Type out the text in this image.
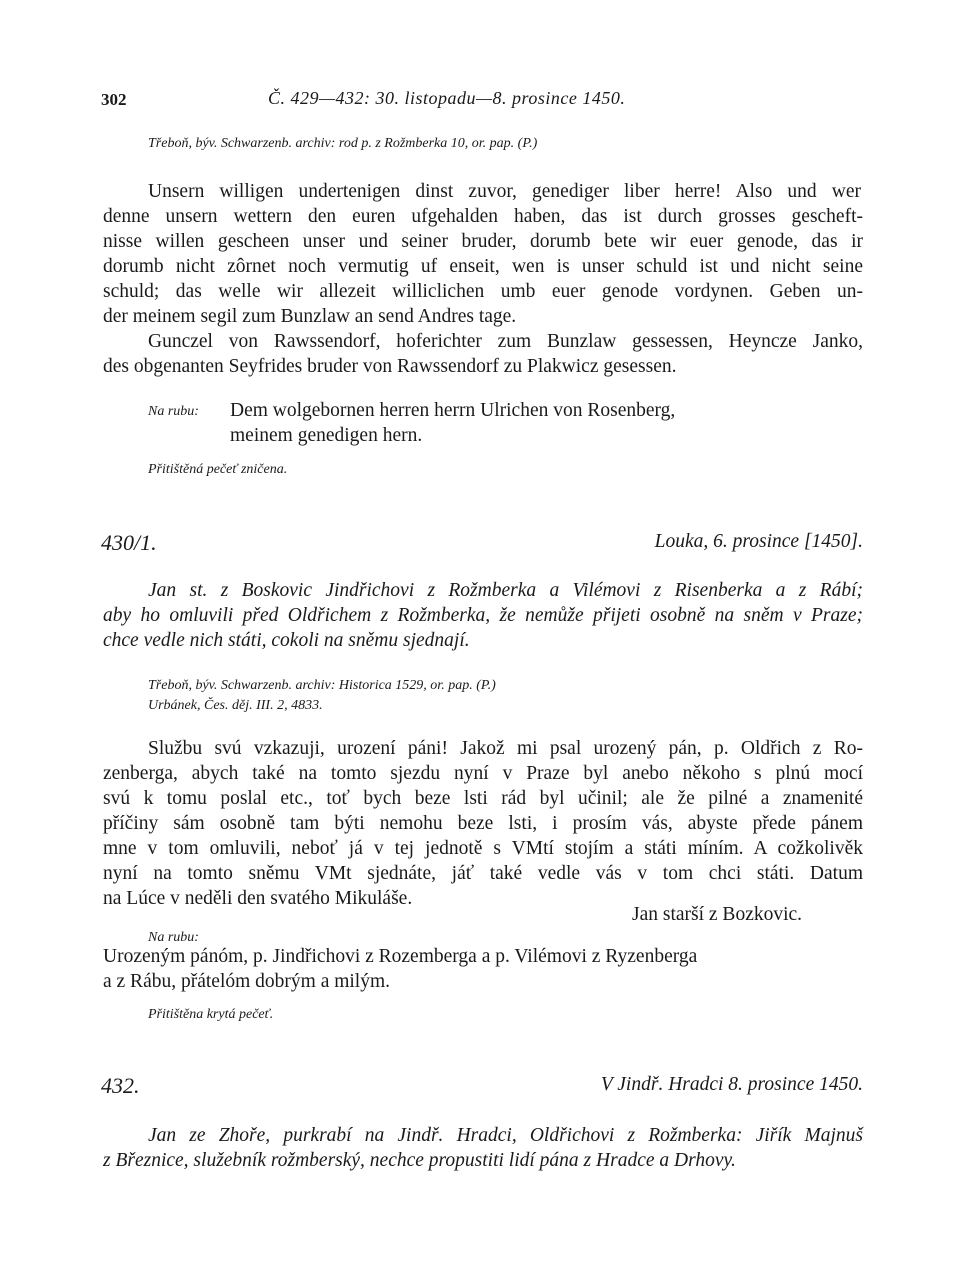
302	Č. 429—432: 30. listopadu—8. prosince 1450.
Třeboň, býv. Schwarzenb. archiv: rod p. z Rožmberka 10, or. pap. (P.)
Unsern willigen undertenigen dinst zuvor, genediger liber herre! Also und wer
denne unsern wettern den euren ufgehalden haben, das ist durch grosses gescheft-
nisse willen gescheen unser und seiner bruder, dorumb bete wir euer genode, das ir
dorumb nicht zôrnet noch vermutig uf enseit, wen is unser schuld ist und nicht seine
schuld; das welle wir allezeit williclichen umb euer genode vordynen. Geben un-
der meinem segil zum Bunzlaw an send Andres tage.
Gunczel von Rawssendorf, hoferichter zum Bunzlaw gessessen, Heyncze Janko,
des obgenanten Seyfrides bruder von Rawssendorf zu Plakwicz gesessen.
Na rubu: Dem wolgebornen herren herrn Ulrichen von Rosenberg,
meinem genedigen hern.
Přitištěná pečeť zničena.
430/1.	Louka, 6. prosince [1450].
Jan st. z Boskovic Jindřichovi z Rožmberka a Vilémovi z Risenberka a z Rábí;
aby ho omluvili před Oldřichem z Rožmberka, že nemůže přijeti osobně na sněm v Praze;
chce vedle nich státi, cokoli na sněmu sjednají.
Třeboň, býv. Schwarzenb. archiv: Historica 1529, or. pap. (P.)
Urbánek, Čes. děj. III. 2, 4833.
Službu svú vzkazuji, urození páni! Jakož mi psal urozený pán, p. Oldřich z Ro-
zenberga, abych také na tomto sjezdu nyní v Praze byl anebo někoho s plnú mocí
svú k tomu poslal etc., toť bych beze lsti rád byl učinil; ale že pilné a znamenité
příčiny sám osobně tam býti nemohu beze lsti, i prosím vás, abyste přede pánem
mne v tom omluvili, neboť já v tej jednotě s VMtí stojím a státi míním. A cožkolivěk
nyní na tomto sněmu VMt sjednáte, jáť také vedle vás v tom chci státi. Datum
na Lúce v neděli den svatého Mikuláše.
Jan starší z Bozkovic.
Na rubu:
Urozeným pánóm, p. Jindřichovi z Rozemberga a p. Vilémovi z Ryzenberga
a z Rábu, přátelóm dobrým a milým.
Přitištěna krytá pečeť.
432.	V Jindř. Hradci 8. prosince 1450.
Jan ze Zhoře, purkrabí na Jindř. Hradci, Oldřichovi z Rožmberka: Jiřík Majnuš
z Březnice, služebník rožmberský, nechce propustiti lidí pána z Hradce a Drhovy.
